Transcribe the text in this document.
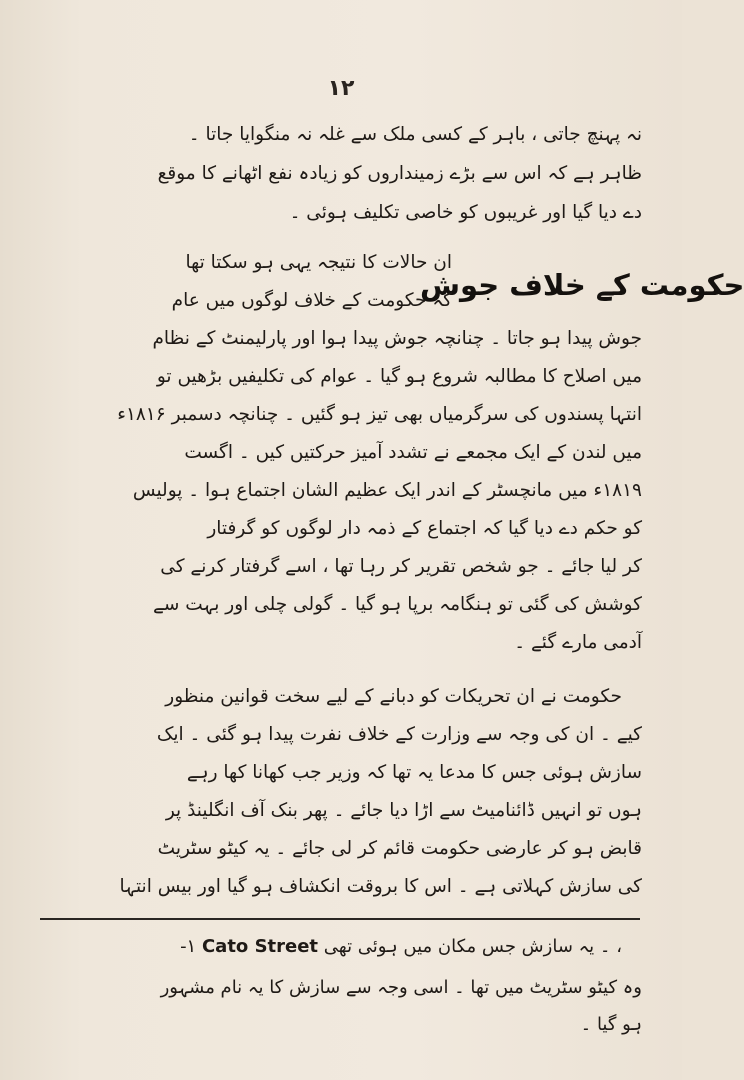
۱۲
نہ پہنچ جاتی ، باہر کے کسی ملک سے غلہ نہ منگوایا جاتا ۔
ظاہر ہے کہ اس سے بڑے زمینداروں کو زیادہ نفع اٹھانے کا موقع
دے دیا گیا اور غریبوں کو خاصی تکلیف ہوئی ۔
ان حالات کا نتیجہ یہی ہو سکتا تھا
حکومت کے خلاف جوش
کہ حکومت کے خلاف لوگوں میں عام
جوش پیدا ہو جاتا ۔ چنانچہ جوش پیدا ہوا اور پارلیمنٹ کے نظام
میں اصلاح کا مطالبہ شروع ہو گیا ۔ عوام کی تکلیفیں بڑھیں تو
انتہا پسندوں کی سرگرمیاں بھی تیز ہو گئیں ۔ چنانچہ دسمبر ۱۸۱۶ء
میں لندن کے ایک مجمعے نے تشدد آمیز حرکتیں کیں ۔ اگست
۱۸۱۹ء میں مانچسٹر کے اندر ایک عظیم الشان اجتماع ہوا ۔ پولیس
کو حکم دے دیا گیا کہ اجتماع کے ذمہ دار لوگوں کو گرفتار
کر لیا جائے ۔ جو شخص تقریر کر رہا تھا ، اسے گرفتار کرنے کی
کوشش کی گئی تو ہنگامہ برپا ہو گیا ۔ گولی چلی اور بہت سے
آدمی مارے گئے ۔
حکومت نے ان تحریکات کو دبانے کے لیے سخت قوانین منظور
کیے ۔ ان کی وجہ سے وزارت کے خلاف نفرت پیدا ہو گئی ۔ ایک
سازش ہوئی جس کا مدعا یہ تھا کہ وزیر جب کھانا کھا رہے
ہوں تو انہیں ڈائنامیٹ سے اڑا دیا جائے ۔ پھر بنک آف انگلینڈ پر
قابض ہو کر عارضی حکومت قائم کر لی جائے ۔ یہ کیٹو سٹریٹ
کی سازش کہلاتی ہے ۔ اس کا بروقت انکشاف ہو گیا اور بیس انتہا
-۱ Cato Street ۔ یہ سازش جس مکان میں ہوئی تھی ،
وہ کیٹو سٹریٹ میں تھا ۔ اسی وجہ سے سازش کا یہ نام مشہور
ہو گیا ۔
